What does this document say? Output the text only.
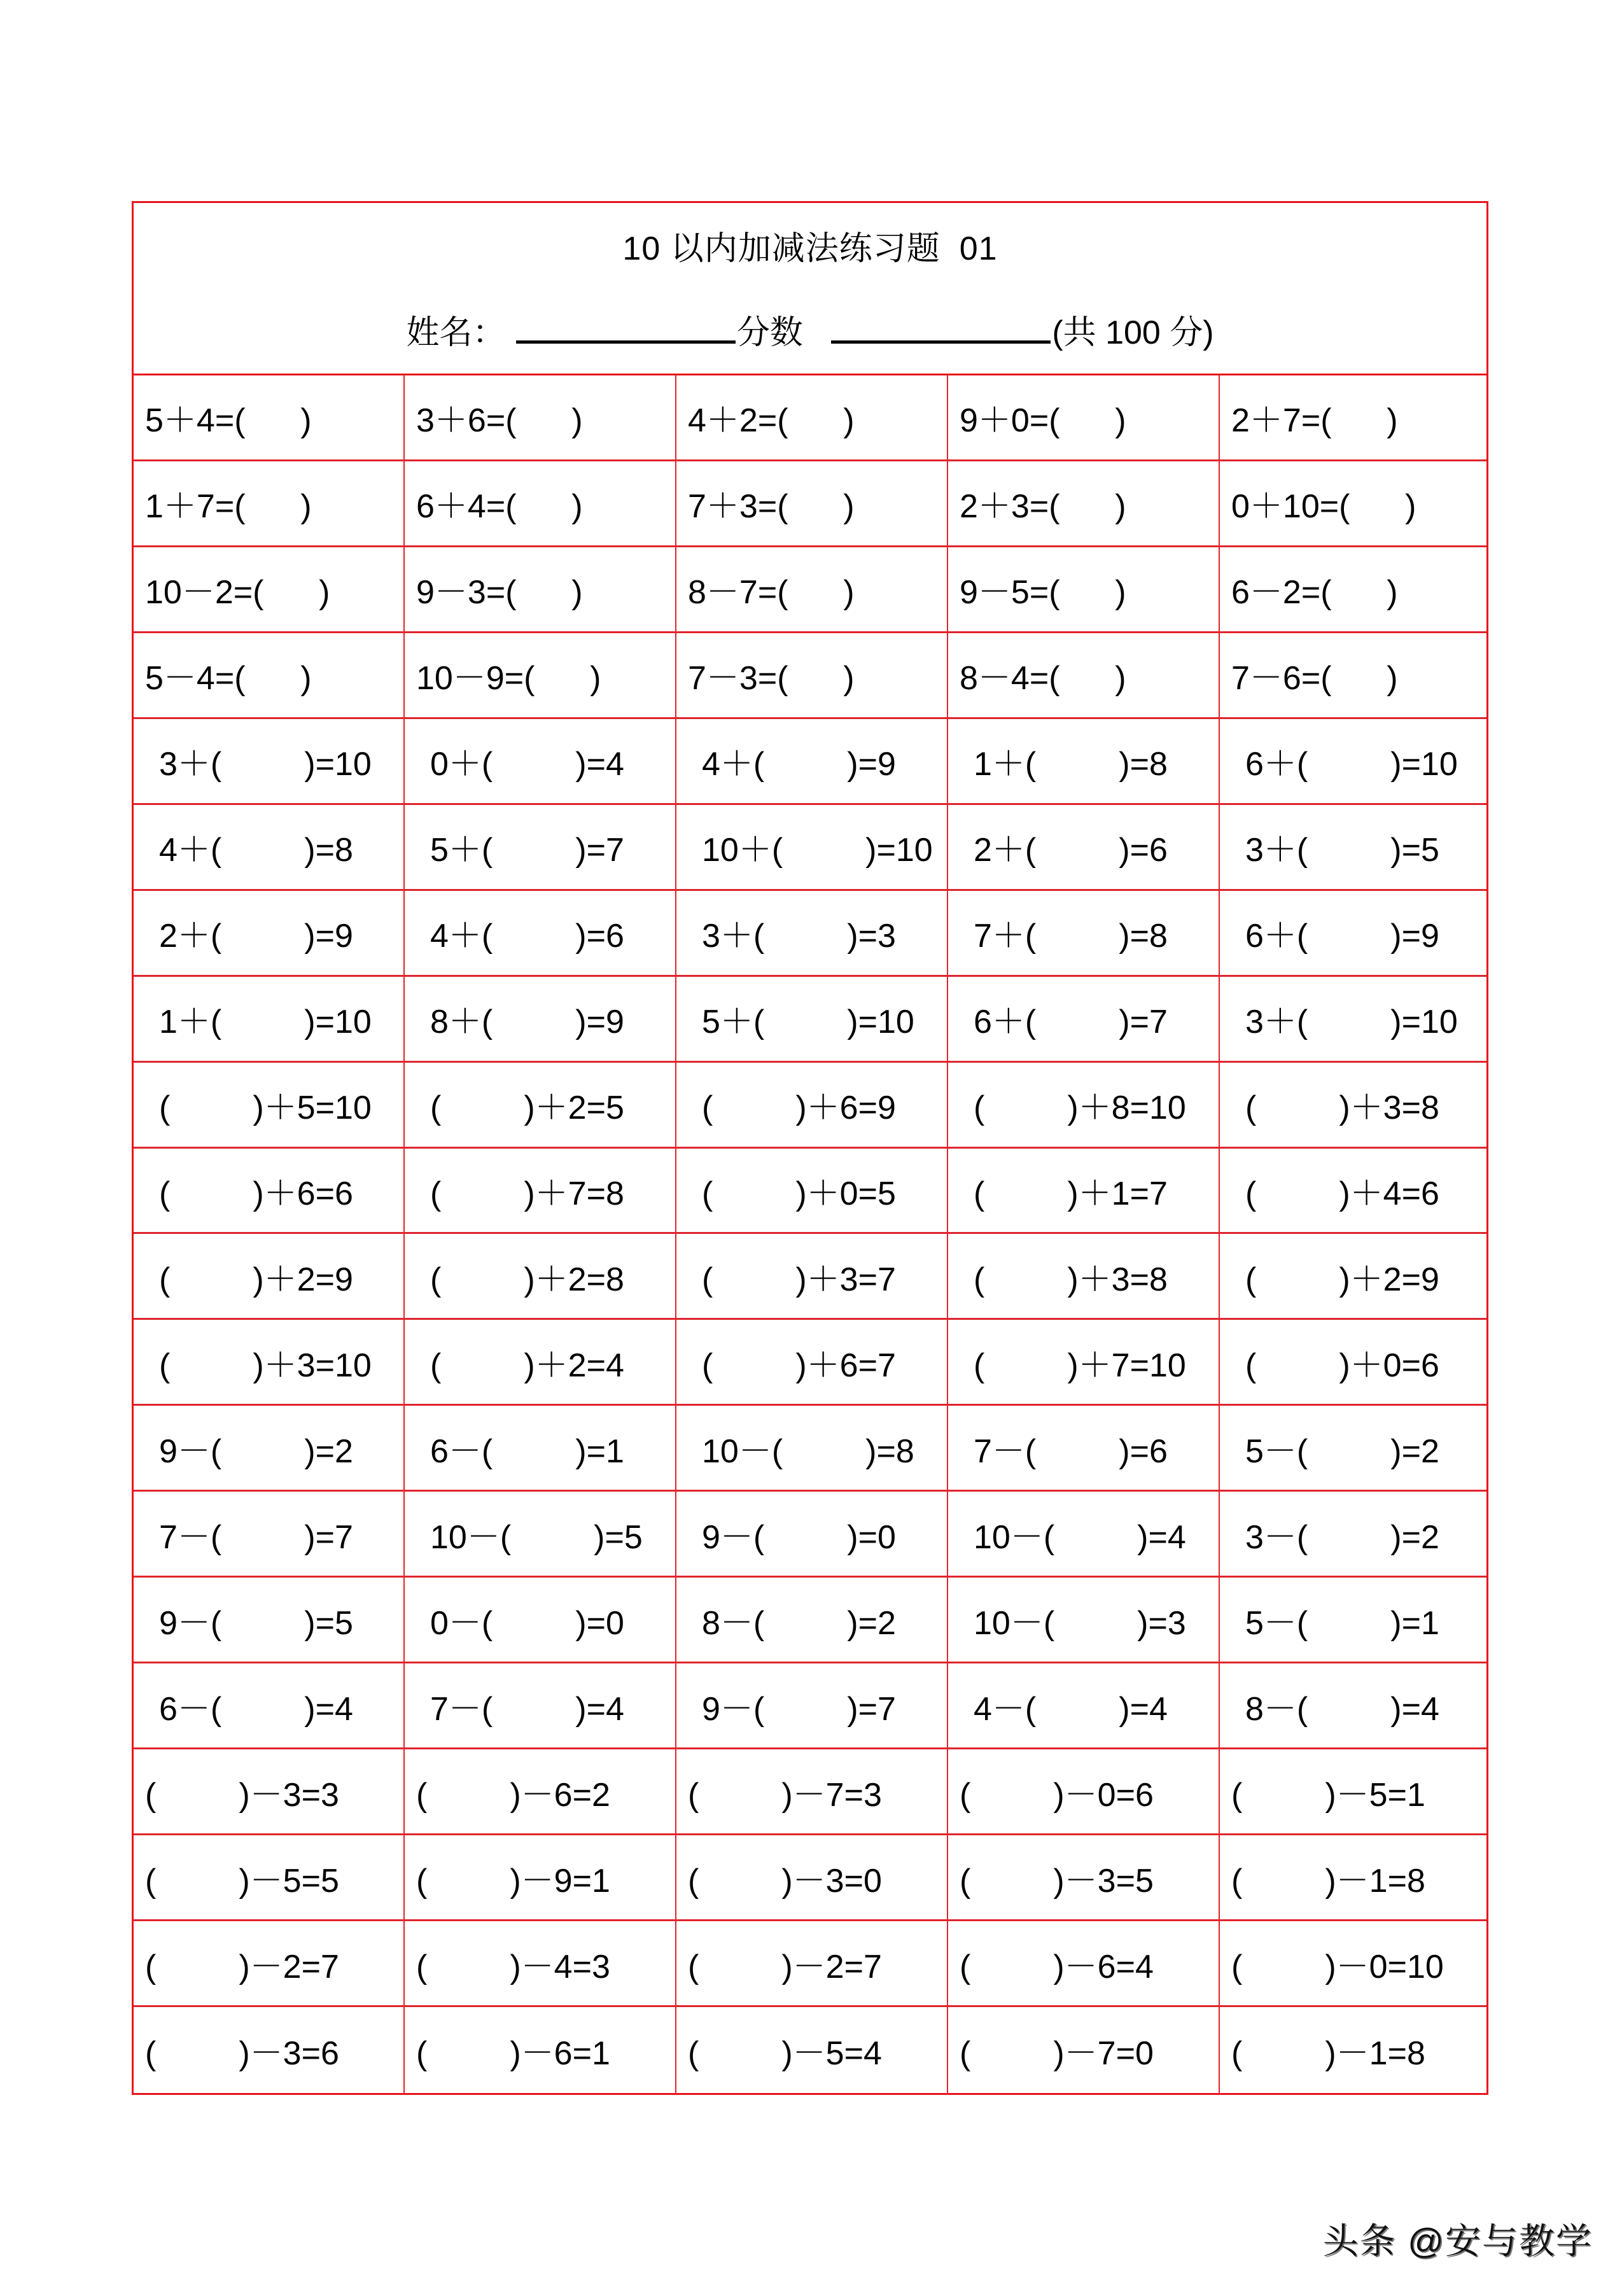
10 以内加减法练习题 01
姓名：	分数	(共 100 分)
5＋4=(      )	3＋6=(      )	4＋2=(      )	9＋0=(      )	2＋7=(      )
1＋7=(      )	6＋4=(      )	7＋3=(      )	2＋3=(      )	0＋10=(      )
10－2=(      )	9－3=(      )	8－7=(      )	9－5=(      )	6－2=(      )
5－4=(      )	10－9=(      )	7－3=(      )	8－4=(      )	7－6=(      )
3＋(         )=10	0＋(         )=4	4＋(         )=9	1＋(         )=8	6＋(         )=10
4＋(         )=8	5＋(         )=7	10＋(         )=10	2＋(         )=6	3＋(         )=5
2＋(         )=9	4＋(         )=6	3＋(         )=3	7＋(         )=8	6＋(         )=9
1＋(         )=10	8＋(         )=9	5＋(         )=10	6＋(         )=7	3＋(         )=10
(         )＋5=10	(         )＋2=5	(         )＋6=9	(         )＋8=10	(         )＋3=8
(         )＋6=6	(         )＋7=8	(         )＋0=5	(         )＋1=7	(         )＋4=6
(         )＋2=9	(         )＋2=8	(         )＋3=7	(         )＋3=8	(         )＋2=9
(         )＋3=10	(         )＋2=4	(         )＋6=7	(         )＋7=10	(         )＋0=6
9－(         )=2	6－(         )=1	10－(         )=8	7－(         )=6	5－(         )=2
7－(         )=7	10－(         )=5	9－(         )=0	10－(         )=4	3－(         )=2
9－(         )=5	0－(         )=0	8－(         )=2	10－(         )=3	5－(         )=1
6－(         )=4	7－(         )=4	9－(         )=7	4－(         )=4	8－(         )=4
(         )－3=3	(         )－6=2	(         )－7=3	(         )－0=6	(         )－5=1
(         )－5=5	(         )－9=1	(         )－3=0	(         )－3=5	(         )－1=8
(         )－2=7	(         )－4=3	(         )－2=7	(         )－6=4	(         )－0=10
(         )－3=6	(         )－6=1	(         )－5=4	(         )－7=0	(         )－1=8
头条 @安与教学
